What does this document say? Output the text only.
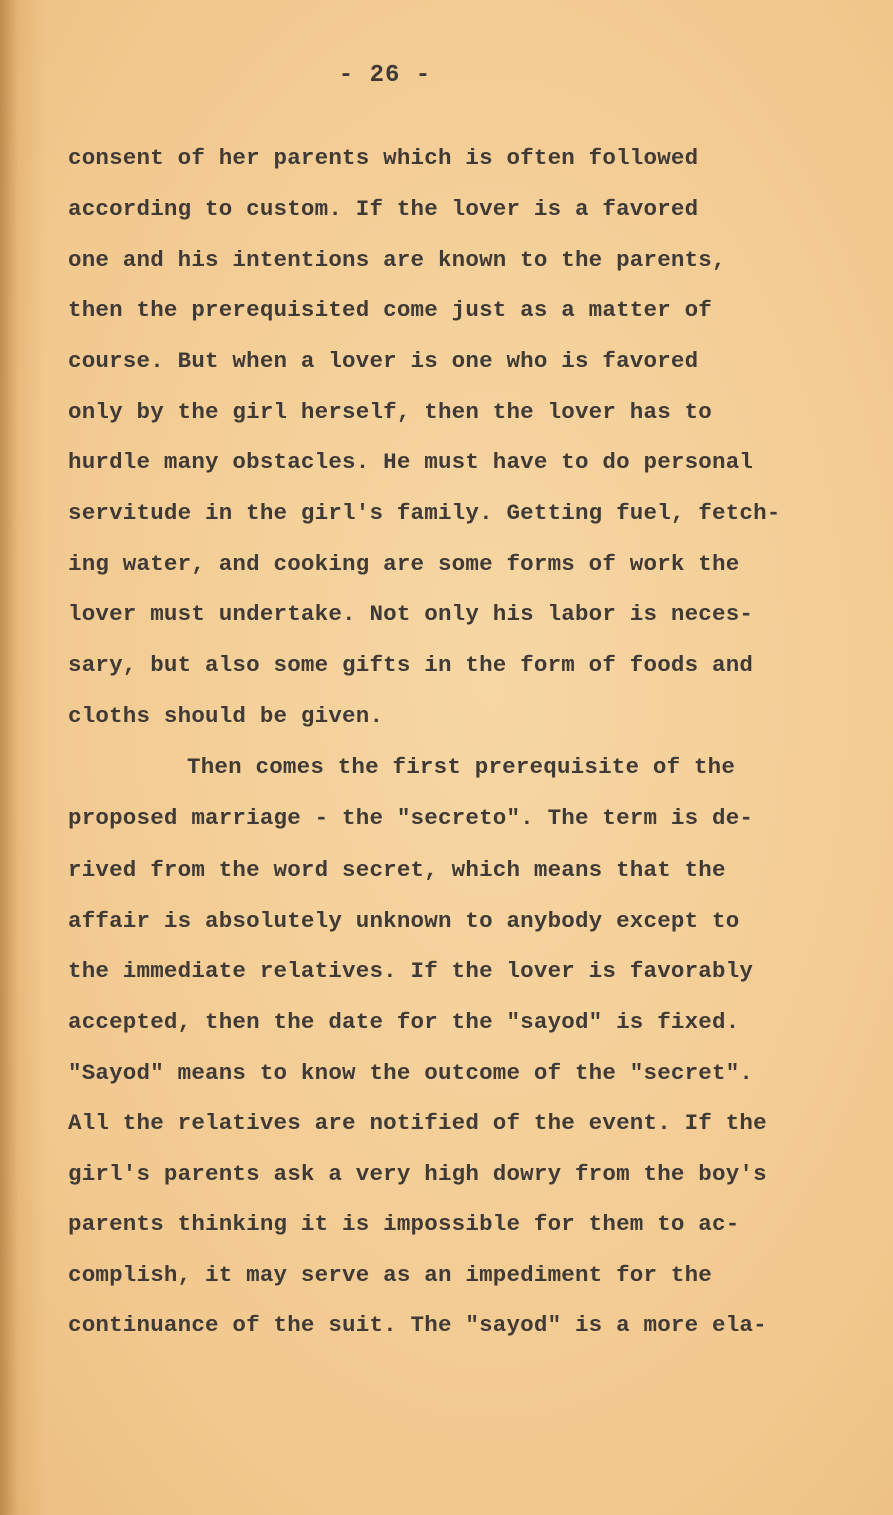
- 26 -
consent of her parents which is often followed
according to custom. If the lover is a favored
one and his intentions are known to the parents,
then the prerequisited come just as a matter of
course. But when a lover is one who is favored
only by the girl herself, then the lover has to
hurdle many obstacles. He must have to do personal
servitude in the girl's family. Getting fuel, fetch-
ing water, and cooking are some forms of work the
lover must undertake. Not only his labor is neces-
sary, but also some gifts in the form of foods and
cloths should be given.
Then comes the first prerequisite of the
proposed marriage - the "secreto". The term is de-
rived from the word secret, which means that the
affair is absolutely unknown to anybody except to
the immediate relatives. If the lover is favorably
accepted, then the date for the "sayod" is fixed.
"Sayod" means to know the outcome of the "secret".
All the relatives are notified of the event. If the
girl's parents ask a very high dowry from the boy's
parents thinking it is impossible for them to ac-
complish, it may serve as an impediment for the
continuance of the suit. The "sayod" is a more ela-
